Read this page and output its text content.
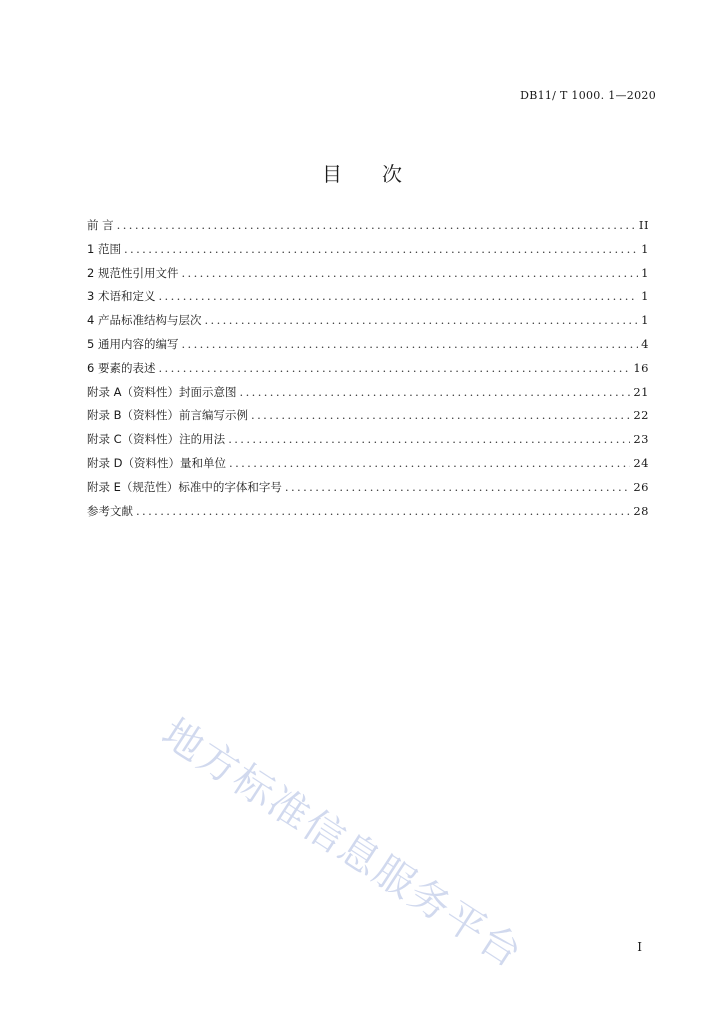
DB11/ T 1000. 1—2020
目次
前 言 .....	II
1 范围 .....	1
2 规范性引用文件 .....	1
3 术语和定义 .....	1
4 产品标准结构与层次 .....	1
5 通用内容的编写 .....	4
6 要素的表述 .....	16
附录 A（资料性）封面示意图 .....	21
附录 B（资料性）前言编写示例 .....	22
附录 C（资料性）注的用法 .....	23
附录 D（资料性）量和单位 .....	24
附录 E（规范性）标准中的字体和字号 .....	26
参考文献 .....	28
地方标准信息服务平台	I
